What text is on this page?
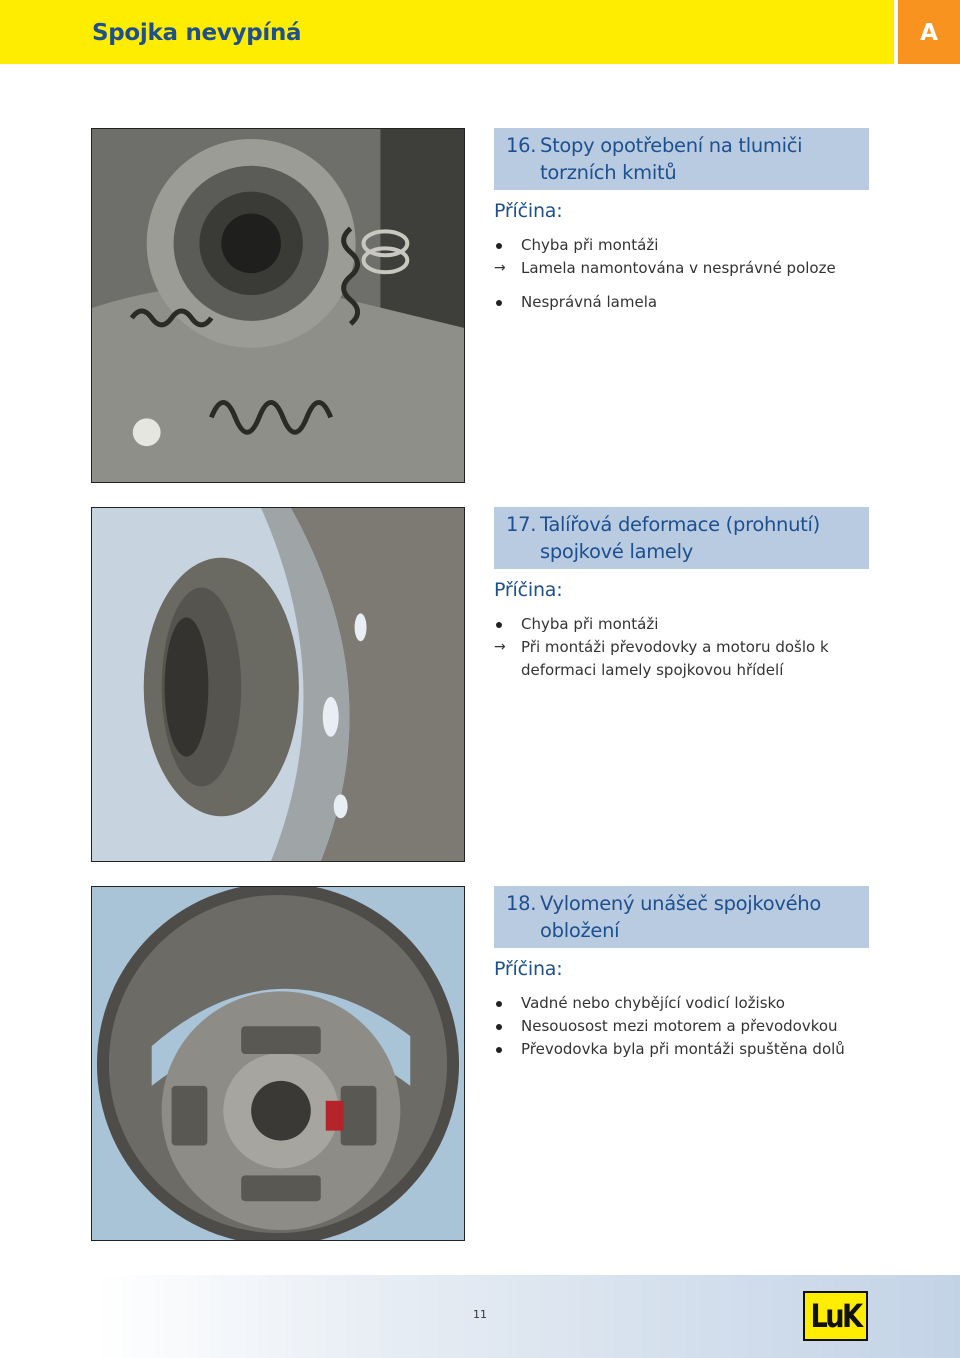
Spojka nevypíná	A
16. Stopy opotřebení na tlumiči torzních kmitů
Příčina:
Chyba při montáži
→ Lamela namontována v nesprávné poloze
Nesprávná lamela
17. Talířová deformace (prohnutí) spojkové lamely
Příčina:
Chyba při montáži
→ Při montáži převodovky a motoru došlo k deformaci lamely spojkovou hřídelí
18. Vylomený unášeč spojkového obložení
Příčina:
Vadné nebo chybějící vodicí ložisko
Nesouosost mezi motorem a převodovkou
Převodovka byla při montáži spuštěna dolů
11	LuK
